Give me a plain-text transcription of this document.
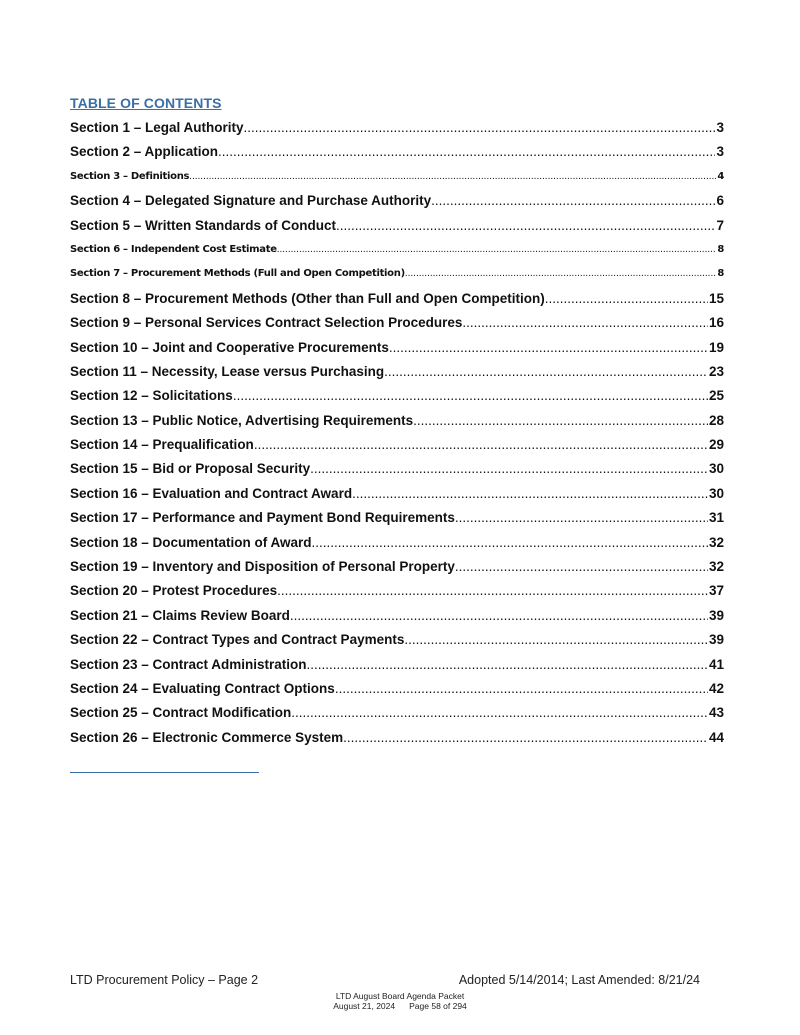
TABLE OF CONTENTS
Section 1 – Legal Authority .....	3
Section 2 – Application .....	3
Section 3 – Definitions .....	4
Section 4 – Delegated Signature and Purchase Authority .....	6
Section 5 – Written Standards of Conduct .....	7
Section 6 – Independent Cost Estimate .....	8
Section 7 – Procurement Methods (Full and Open Competition) .....	8
Section 8 – Procurement Methods (Other than Full and Open Competition) .....	15
Section 9 – Personal Services Contract Selection Procedures .....	16
Section 10 – Joint and Cooperative Procurements .....	19
Section 11 – Necessity, Lease versus Purchasing .....	23
Section 12 – Solicitations .....	25
Section 13 – Public Notice, Advertising Requirements .....	28
Section 14 – Prequalification .....	29
Section 15 – Bid or Proposal Security .....	30
Section 16 – Evaluation and Contract Award .....	30
Section 17 – Performance and Payment Bond Requirements .....	31
Section 18 – Documentation of Award .....	32
Section 19 – Inventory and Disposition of Personal Property .....	32
Section 20 – Protest Procedures .....	37
Section 21 – Claims Review Board .....	39
Section 22 – Contract Types and Contract Payments .....	39
Section 23 – Contract Administration .....	41
Section 24 – Evaluating Contract Options .....	42
Section 25 – Contract Modification .....	43
Section 26 – Electronic Commerce System .....	44
LTD Procurement Policy – Page 2	Adopted 5/14/2014; Last Amended: 8/21/24
LTD August Board Agenda Packet
August 21, 2024 Page 58 of 294
